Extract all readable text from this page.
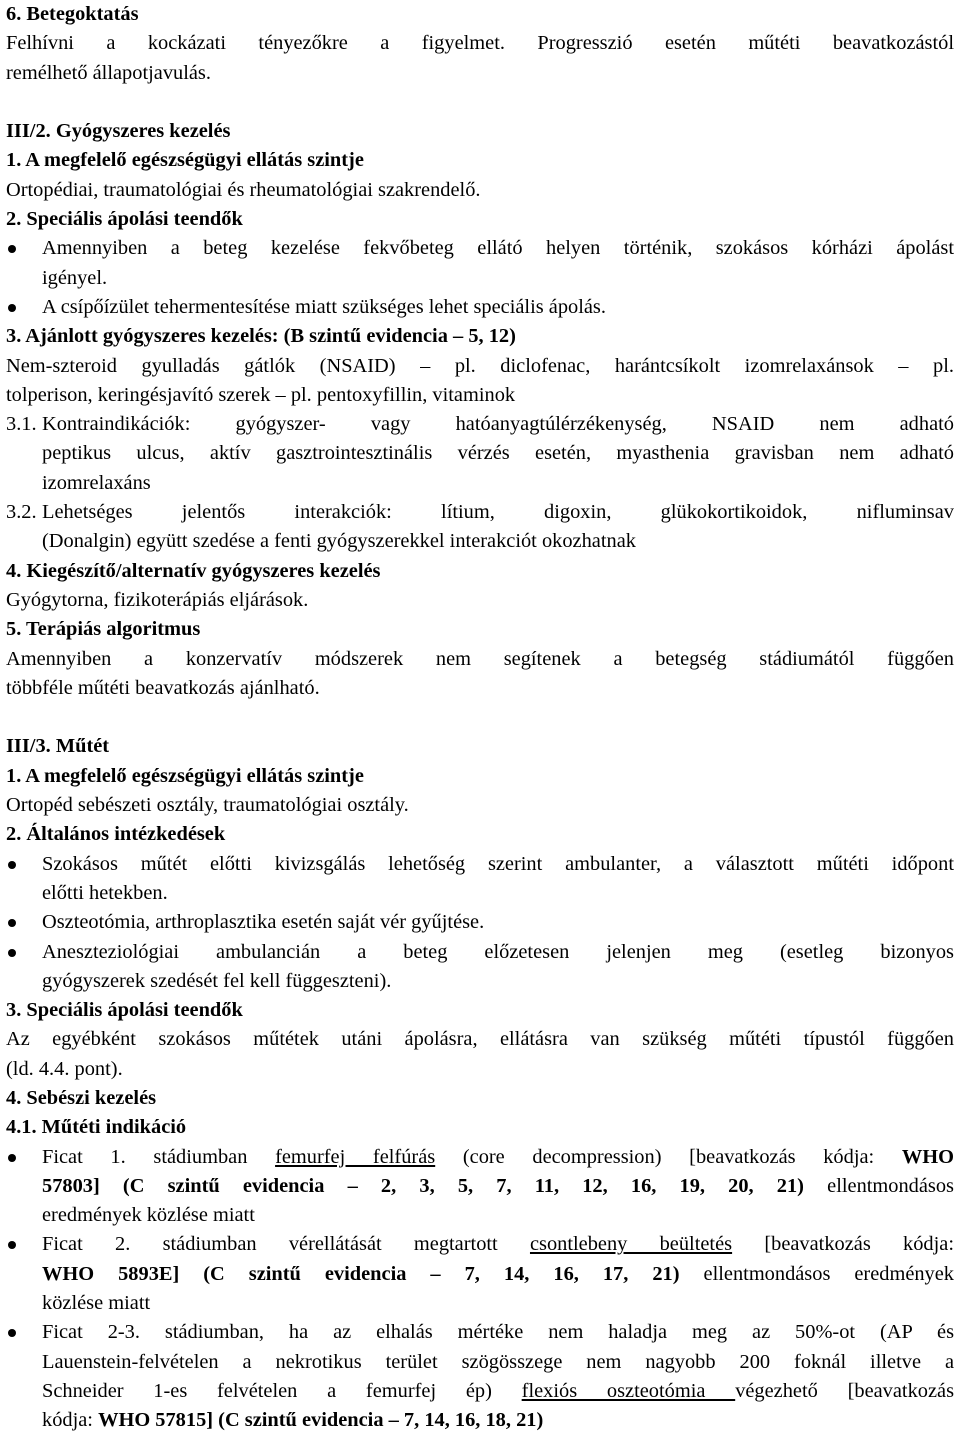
6. Betegoktatás
Felhívni a kockázati tényezőkre a figyelmet. Progresszió esetén műtéti beavatkozástól
remélhető állapotjavulás.
III/2. Gyógyszeres kezelés
1. A megfelelő egészségügyi ellátás szintje
Ortopédiai, traumatológiai és rheumatológiai szakrendelő.
2. Speciális ápolási teendők
Amennyiben a beteg kezelése fekvőbeteg ellátó helyen történik, szokásos kórházi ápolást
igényel.
A csípőízület tehermentesítése miatt szükséges lehet speciális ápolás.
3. Ajánlott gyógyszeres kezelés: (B szintű evidencia – 5, 12)
Nem-szteroid gyulladás gátlók (NSAID) – pl. diclofenac, harántcsíkolt izomrelaxánsok – pl.
tolperison, keringésjavító szerek – pl. pentoxyfillin, vitaminok
3.1. Kontraindikációk: gyógyszer- vagy hatóanyagtúlérzékenység, NSAID nem adható
peptikus ulcus, aktív gasztrointesztinális vérzés esetén, myasthenia gravisban nem adható
izomrelaxáns
3.2. Lehetséges jelentős interakciók: lítium, digoxin, glükokortikoidok, nifluminsav
(Donalgin) együtt szedése a fenti gyógyszerekkel interakciót okozhatnak
4. Kiegészítő/alternatív gyógyszeres kezelés
Gyógytorna, fizikoterápiás eljárások.
5. Terápiás algoritmus
Amennyiben a konzervatív módszerek nem segítenek a betegség stádiumától függően
többféle műtéti beavatkozás ajánlható.
III/3. Műtét
1. A megfelelő egészségügyi ellátás szintje
Ortopéd sebészeti osztály, traumatológiai osztály.
2. Általános intézkedések
Szokásos műtét előtti kivizsgálás lehetőség szerint ambulanter, a választott műtéti időpont
előtti hetekben.
Oszteotómia, arthroplasztika esetén saját vér gyűjtése.
Aneszteziológiai ambulancián a beteg előzetesen jelenjen meg (esetleg bizonyos
gyógyszerek szedését fel kell függeszteni).
3. Speciális ápolási teendők
Az egyébként szokásos műtétek utáni ápolásra, ellátásra van szükség műtéti típustól függően
(ld. 4.4. pont).
4. Sebészi kezelés
4.1. Műtéti indikáció
Ficat 1. stádiumban femurfej felfúrás (core decompression) [beavatkozás kódja: WHO
57803] (C szintű evidencia – 2, 3, 5, 7, 11, 12, 16, 19, 20, 21) ellentmondásos
eredmények közlése miatt
Ficat 2. stádiumban vérellátását megtartott csontlebeny beültetés [beavatkozás kódja:
WHO 5893E] (C szintű evidencia – 7, 14, 16, 17, 21) ellentmondásos eredmények
közlése miatt
Ficat 2-3. stádiumban, ha az elhalás mértéke nem haladja meg az 50%-ot (AP és
Lauenstein-felvételen a nekrotikus terület szögösszege nem nagyobb 200 foknál illetve a
Schneider 1-es felvételen a femurfej ép) flexiós oszteotómia végezhető [beavatkozás
kódja: WHO 57815] (C szintű evidencia – 7, 14, 16, 18, 21)
